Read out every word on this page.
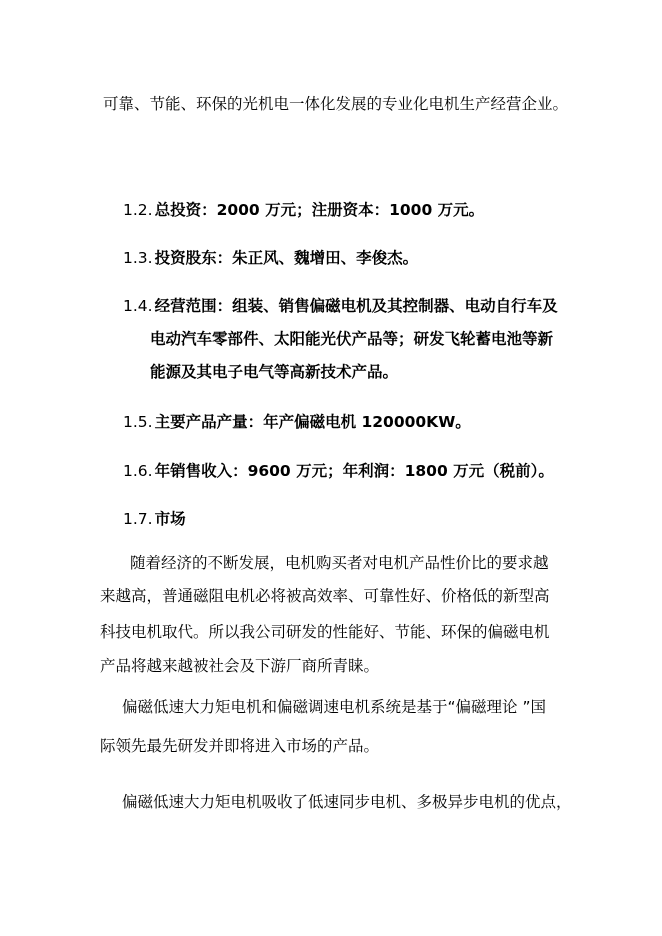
可靠、节能、环保的光机电一体化发展的专业化电机生产经营企业。
1.2. 总投资：2000 万元；注册资本：1000 万元。
1.3. 投资股东：朱正风、魏增田、李俊杰。
1.4. 经营范围：组装、销售偏磁电机及其控制器、电动自行车及
电动汽车零部件、太阳能光伏产品等；研发飞轮蓄电池等新
能源及其电子电气等高新技术产品。
1.5. 主要产品产量：年产偏磁电机 120000KW。
1.6. 年销售收入：9600 万元；年利润：1800 万元（税前）。
1.7. 市场
随着经济的不断发展，电机购买者对电机产品性价比的要求越
来越高，普通磁阻电机必将被高效率、可靠性好、价格低的新型高
科技电机取代。所以我公司研发的性能好、节能、环保的偏磁电机
产品将越来越被社会及下游厂商所青睐。
偏磁低速大力矩电机和偏磁调速电机系统是基于“偏磁理论 ”国
际领先最先研发并即将进入市场的产品。
偏磁低速大力矩电机吸收了低速同步电机、多极异步电机的优点，
